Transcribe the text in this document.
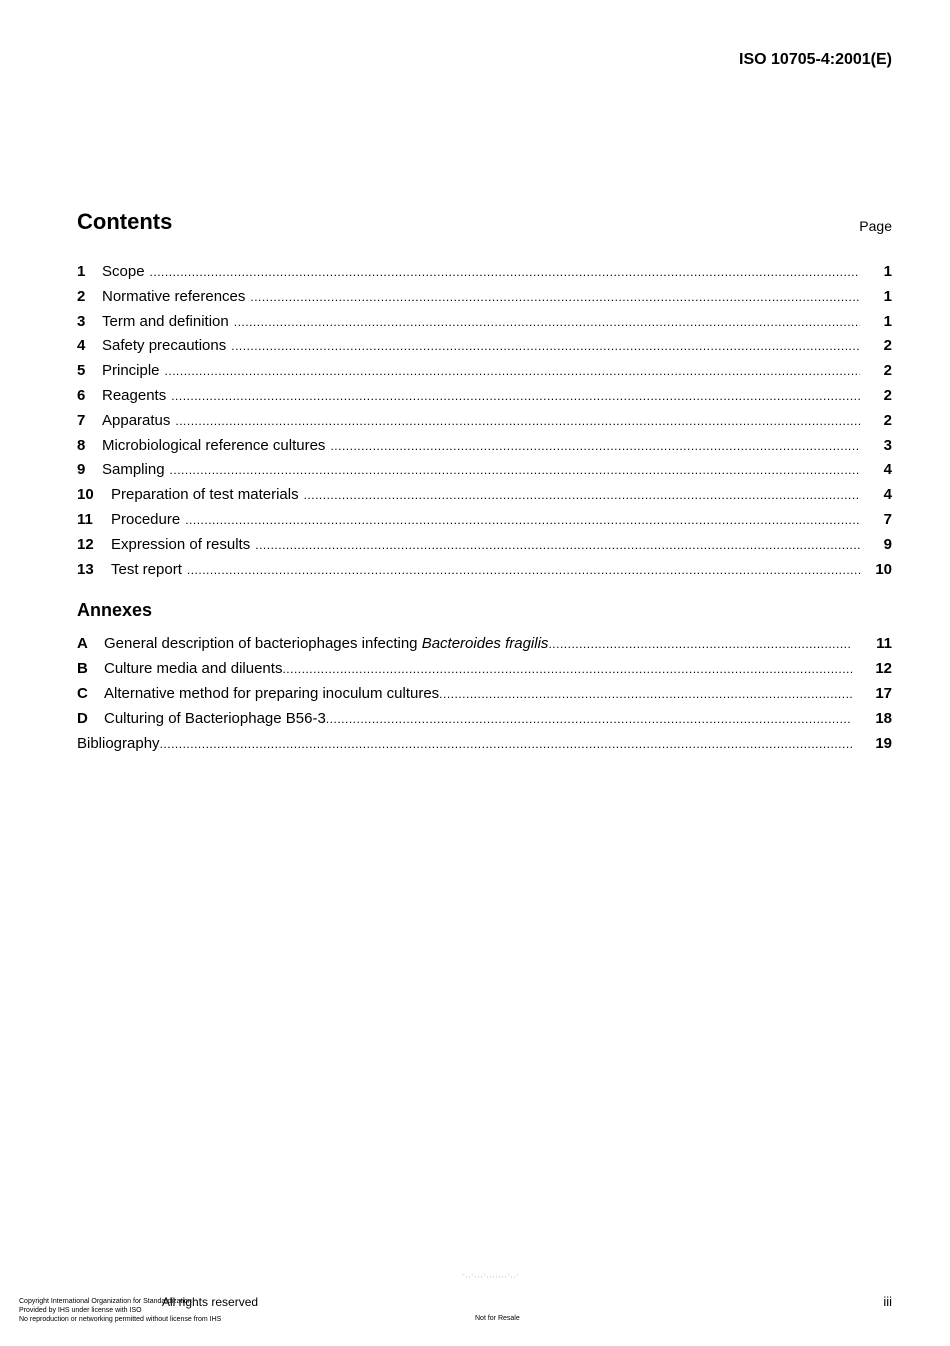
ISO 10705-4:2001(E)
Contents	Page
1	Scope .....	1
2	Normative references .....	1
3	Term and definition .....	1
4	Safety precautions .....	2
5	Principle .....	2
6	Reagents .....	2
7	Apparatus .....	2
8	Microbiological reference cultures .....	3
9	Sampling .....	4
10	Preparation of test materials .....	4
11	Procedure .....	7
12	Expression of results .....	9
13	Test report .....	10
Annexes
A	General description of bacteriophages infecting Bacteroides fragilis .....	11
B	Culture media and diluents .....	12
C	Alternative method for preparing inoculum cultures .....	17
D	Culturing of Bacteriophage B56-3 .....	18
Bibliography .....	19
-,,-,,,-,,,,,,,-,,-
Copyright International Organization for Standardization
Provided by IHS under license with ISO
No reproduction or networking permitted without license from IHS
All rights reserved
Not for Resale
iii
